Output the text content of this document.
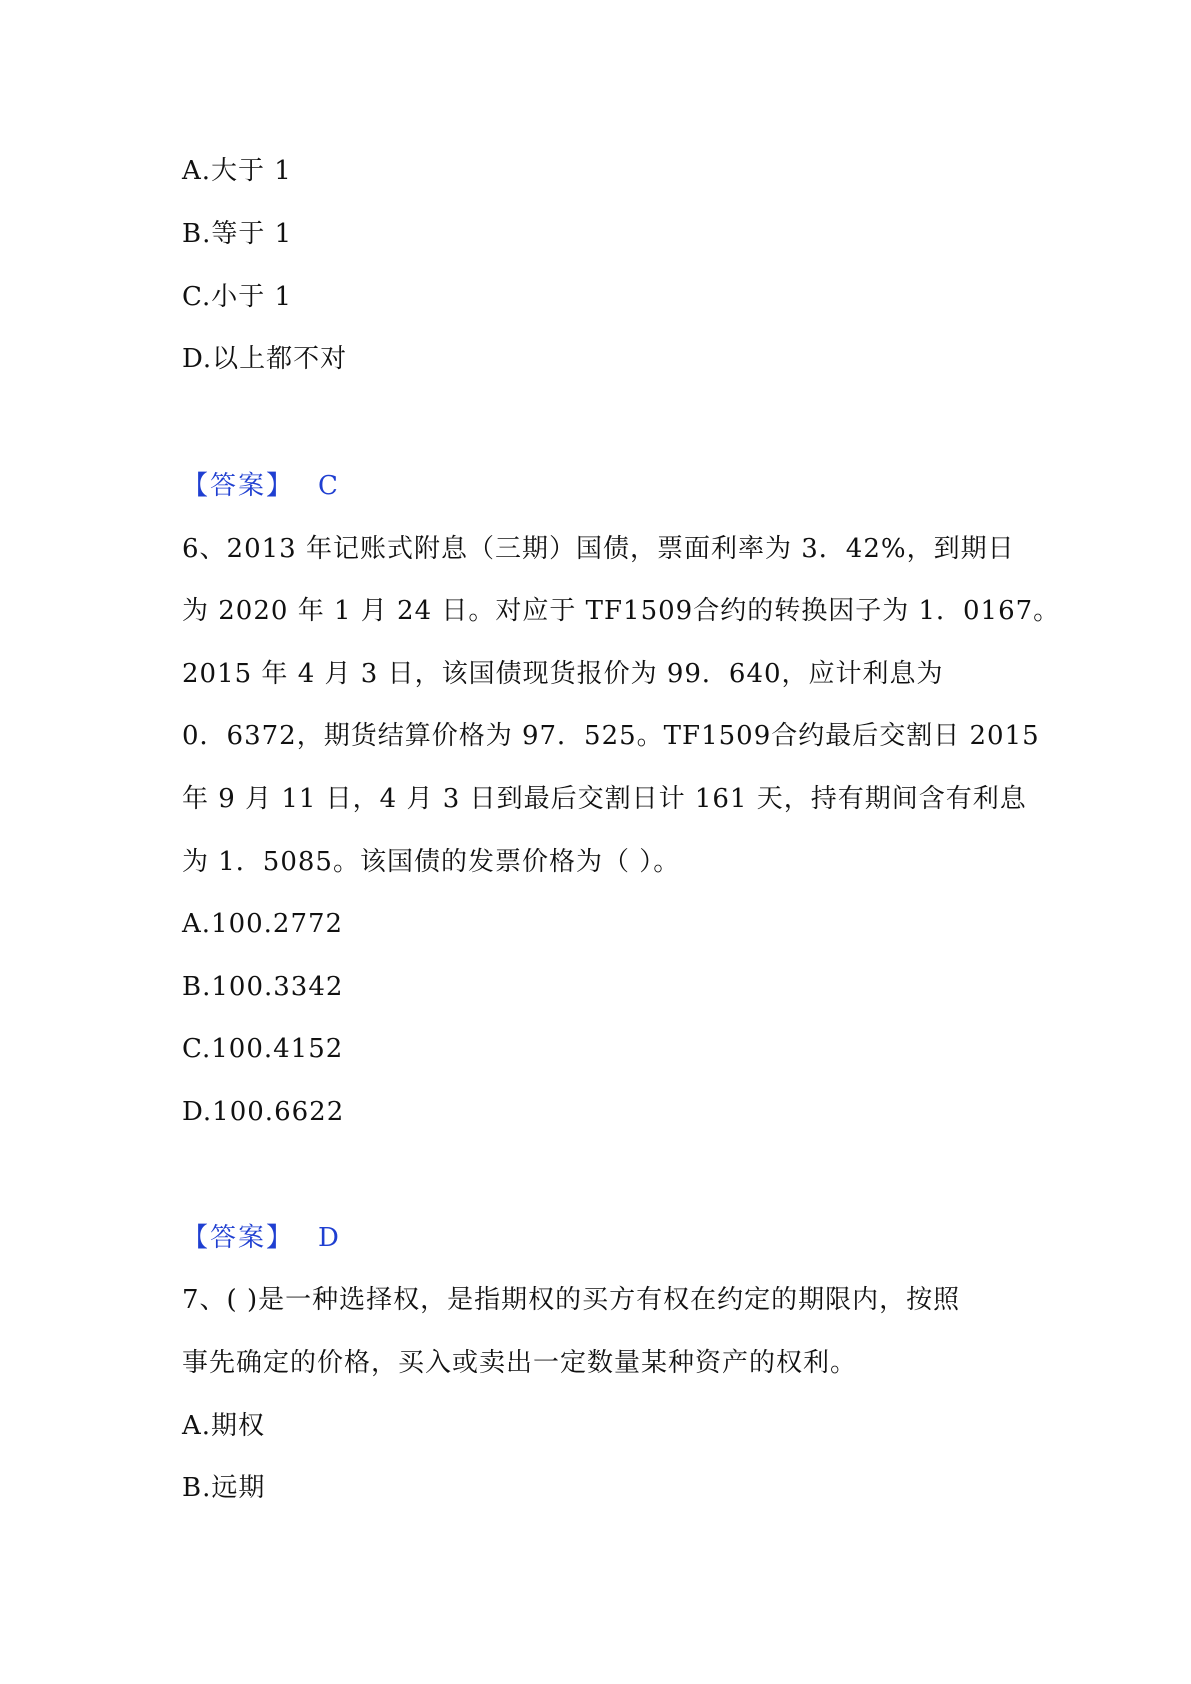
A.大于 1
B.等于 1
C.小于 1
D.以上都不对
【答案】 C
6、2013 年记账式附息（三期）国债，票面利率为 3．42%，到期日
为 2020 年 1 月 24 日。对应于 TF1509合约的转换因子为 1．0167。
2015 年 4 月 3 日，该国债现货报价为 99．640，应计利息为
0．6372，期货结算价格为 97．525。TF1509合约最后交割日 2015
年 9 月 11 日，4 月 3 日到最后交割日计 161 天，持有期间含有利息
为 1．5085。该国债的发票价格为（ ）。
A.100.2772
B.100.3342
C.100.4152
D.100.6622
【答案】 D
7、( )是一种选择权，是指期权的买方有权在约定的期限内，按照
事先确定的价格，买入或卖出一定数量某种资产的权利。
A.期权
B.远期
